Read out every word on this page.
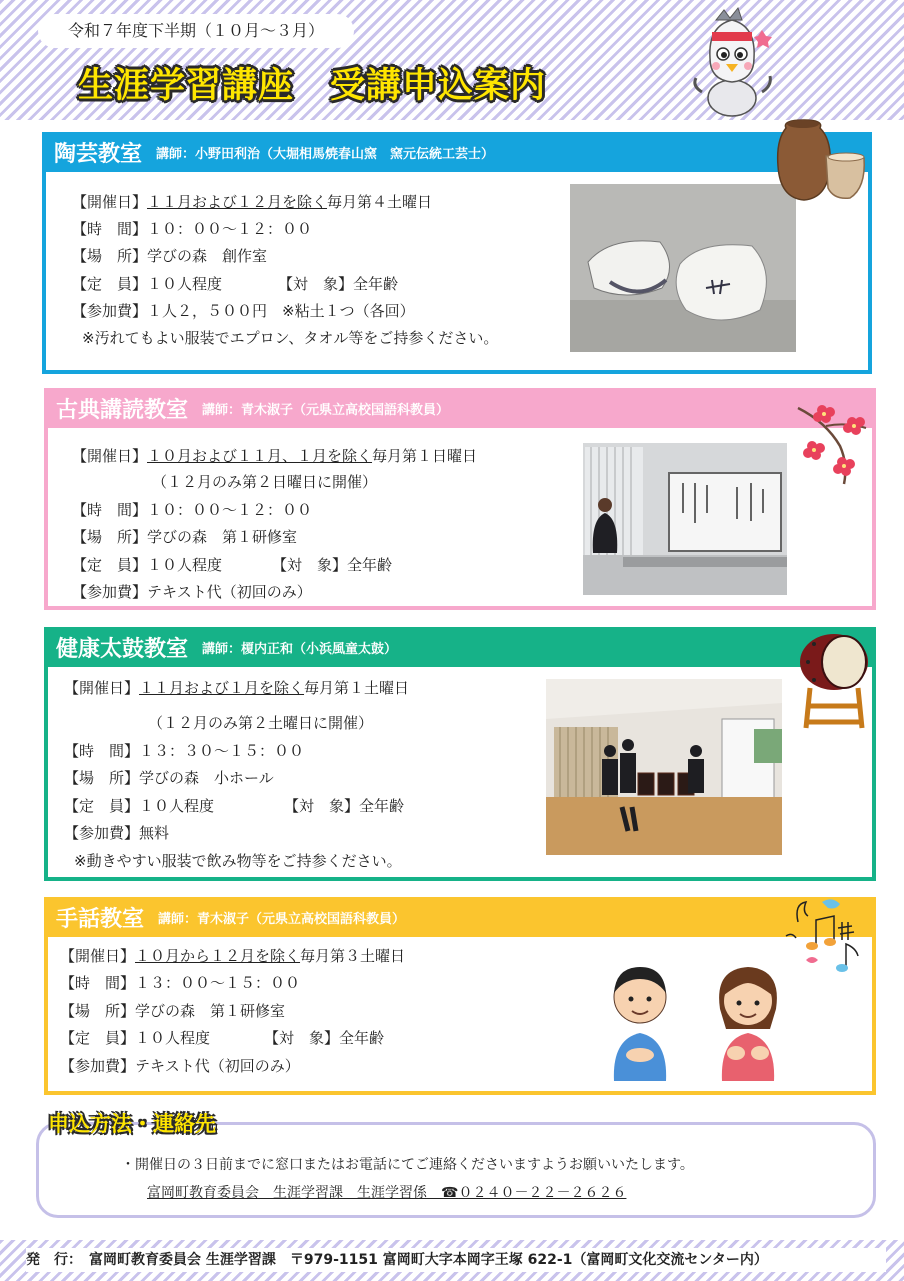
令和７年度下半期（１０月～３月）
生涯学習講座　受講申込案内
陶芸教室 講師：小野田利治（大堀相馬焼春山窯　窯元伝統工芸士）
【開催日】１１月および１２月を除く毎月第４土曜日
【時　間】１０：００～１２：００
【場　所】学びの森　創作室
【定　員】１０人程度	【対　象】全年齢
【参加費】１人２，５００円　※粘土１つ（各回）
※汚れてもよい服装でエプロン、タオル等をご持参ください。
古典講読教室 講師：青木淑子（元県立高校国語科教員）
【開催日】１０月および１１月、１月を除く毎月第１日曜日
（１２月のみ第２日曜日に開催）
【時　間】１０：００～１２：００
【場　所】学びの森　第１研修室
【定　員】１０人程度	【対　象】全年齢
【参加費】テキスト代（初回のみ）
健康太鼓教室 講師：榎内正和（小浜風童太鼓）
【開催日】１１月および１月を除く毎月第１土曜日
（１２月のみ第２土曜日に開催）
【時　間】１３：３０～１５：００
【場　所】学びの森　小ホール
【定　員】１０人程度	【対　象】全年齢
【参加費】無料
※動きやすい服装で飲み物等をご持参ください。
手話教室 講師：青木淑子（元県立高校国語科教員）
【開催日】１０月から１２月を除く毎月第３土曜日
【時　間】１３：００～１５：００
【場　所】学びの森　第１研修室
【定　員】１０人程度	【対　象】全年齢
【参加費】テキスト代（初回のみ）
・開催日の３日前までに窓口またはお電話にてご連絡くださいますようお願いいたします。
富岡町教育委員会　生涯学習課　生涯学習係　 ☎０２４０－２２－２６２６
申込方法・連絡先
発　行：　富岡町教育委員会 生涯学習課　〒979-1151 富岡町大字本岡字王塚 622-1（富岡町文化交流センター内）
